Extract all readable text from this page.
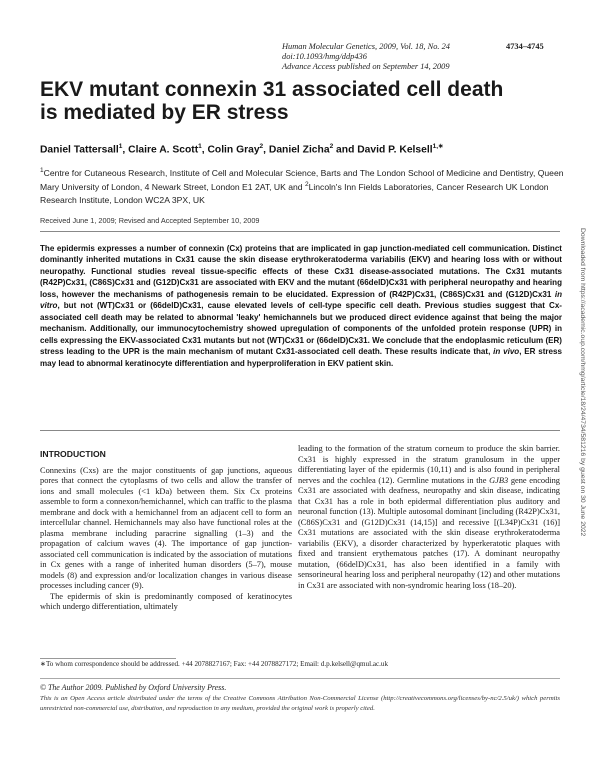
Human Molecular Genetics, 2009, Vol. 18, No. 24	4734–4745
doi:10.1093/hmg/ddp436
Advance Access published on September 14, 2009
EKV mutant connexin 31 associated cell death
is mediated by ER stress
Daniel Tattersall$^1$, Claire A. Scott$^1$, Colin Gray$^2$, Daniel Zicha$^2$ and David P. Kelsell$^{1,∗}$
$^1$Centre for Cutaneous Research, Institute of Cell and Molecular Science, Barts and The London School of Medicine and Dentistry, Queen Mary University of London, 4 Newark Street, London E1 2AT, UK and $^2$Lincoln's Inn Fields Laboratories, Cancer Research UK London Research Institute, London WC2A 3PX, UK
Received June 1, 2009; Revised and Accepted September 10, 2009

The epidermis expresses a number of connexin (Cx) proteins that are implicated in gap junction-mediated cell communication. Distinct dominantly inherited mutations in Cx31 cause the skin disease erythrokeratoderma variabilis (EKV) and hearing loss with or without neuropathy. Functional studies reveal tissue-specific effects of these Cx31 disease-associated mutations. The Cx31 mutants (R42P)Cx31, (C86S)Cx31 and (G12D)Cx31 are associated with EKV and the mutant (66delD)Cx31 with peripheral neuropathy and hearing loss, however the mechanisms of pathogenesis remain to be elucidated. Expression of (R42P)Cx31, (C86S)Cx31 and (G12D)Cx31 in vitro, but not (WT)Cx31 or (66delD)Cx31, cause elevated levels of cell-type specific cell death. Previous studies suggest that Cx-associated cell death may be related to abnormal 'leaky' hemichannels but we produced direct evidence against that being the major mechanism. Additionally, our immunocytochemistry showed upregulation of components of the unfolded protein response (UPR) in cells expressing the EKV-associated Cx31 mutants but not (WT)Cx31 or (66delD)Cx31. We conclude that the endoplasmic reticulum (ER) stress leading to the UPR is the main mechanism of mutant Cx31-associated cell death. These results indicate that, in vivo, ER stress may lead to abnormal keratinocyte differentiation and hyperproliferation in EKV patient skin.

INTRODUCTION

Connexins (Cxs) are the major constituents of gap junctions, aqueous pores that connect the cytoplasms of two cells and allow the transfer of ions and small molecules (<1 kDa) between them. Six Cx proteins assemble to form a connexon/hemichannel, which can traffic to the plasma membrane and dock with a hemichannel from an adjacent cell to form an intercellular channel. Hemichannels may also have functional roles at the plasma membrane including paracrine signalling (1–3) and the propagation of calcium waves (4). The importance of gap junction-associated cell communication is indicated by the association of mutations in Cx genes with a range of inherited human disorders (5–7), mouse models (8) and expression and/or localization changes in various disease processes including cancer (9).

The epidermis of skin is predominantly composed of keratinocytes which undergo differentiation, ultimately

leading to the formation of the stratum corneum to produce the skin barrier. Cx31 is highly expressed in the stratum granulosum in the upper differentiating layer of the epidermis (10,11) and is also found in peripheral nerves and the cochlea (12). Germline mutations in the GJB3 gene encoding Cx31 are associated with deafness, neuropathy and skin disease, indicating that Cx31 has a role in both epidermal differentiation plus auditory and neuronal function (13). Multiple autosomal dominant [including (R42P)Cx31, (C86S)Cx31 and (G12D)Cx31 (14,15)] and recessive [(L34P)Cx31 (16)] Cx31 mutations are associated with the skin disease erythrokeratoderma variabilis (EKV), a disorder characterized by hyperkeratotic plaques with fixed and transient erythematous patches (17). A dominant neuropathy mutation, (66delD)Cx31, has also been identified in a family with sensorineural hearing loss and peripheral neuropathy (12) and other mutations in Cx31 are associated with non-syndromic hearing loss (18–20).

∗To whom correspondence should be addressed. +44 2078827167; Fax: +44 2078827172; Email: d.p.kelsell@qmul.ac.uk
© The Author 2009. Published by Oxford University Press.
This is an Open Access article distributed under the terms of the Creative Commons Attribution Non-Commercial License (http://creativecommons.org/licenses/by-nc/2.5/uk/) which permits unrestricted non-commercial use, distribution, and reproduction in any medium, provided the original work is properly cited.
Downloaded from https://academic.oup.com/hmg/article/18/24/4734/581216 by guest on 30 June 2022
